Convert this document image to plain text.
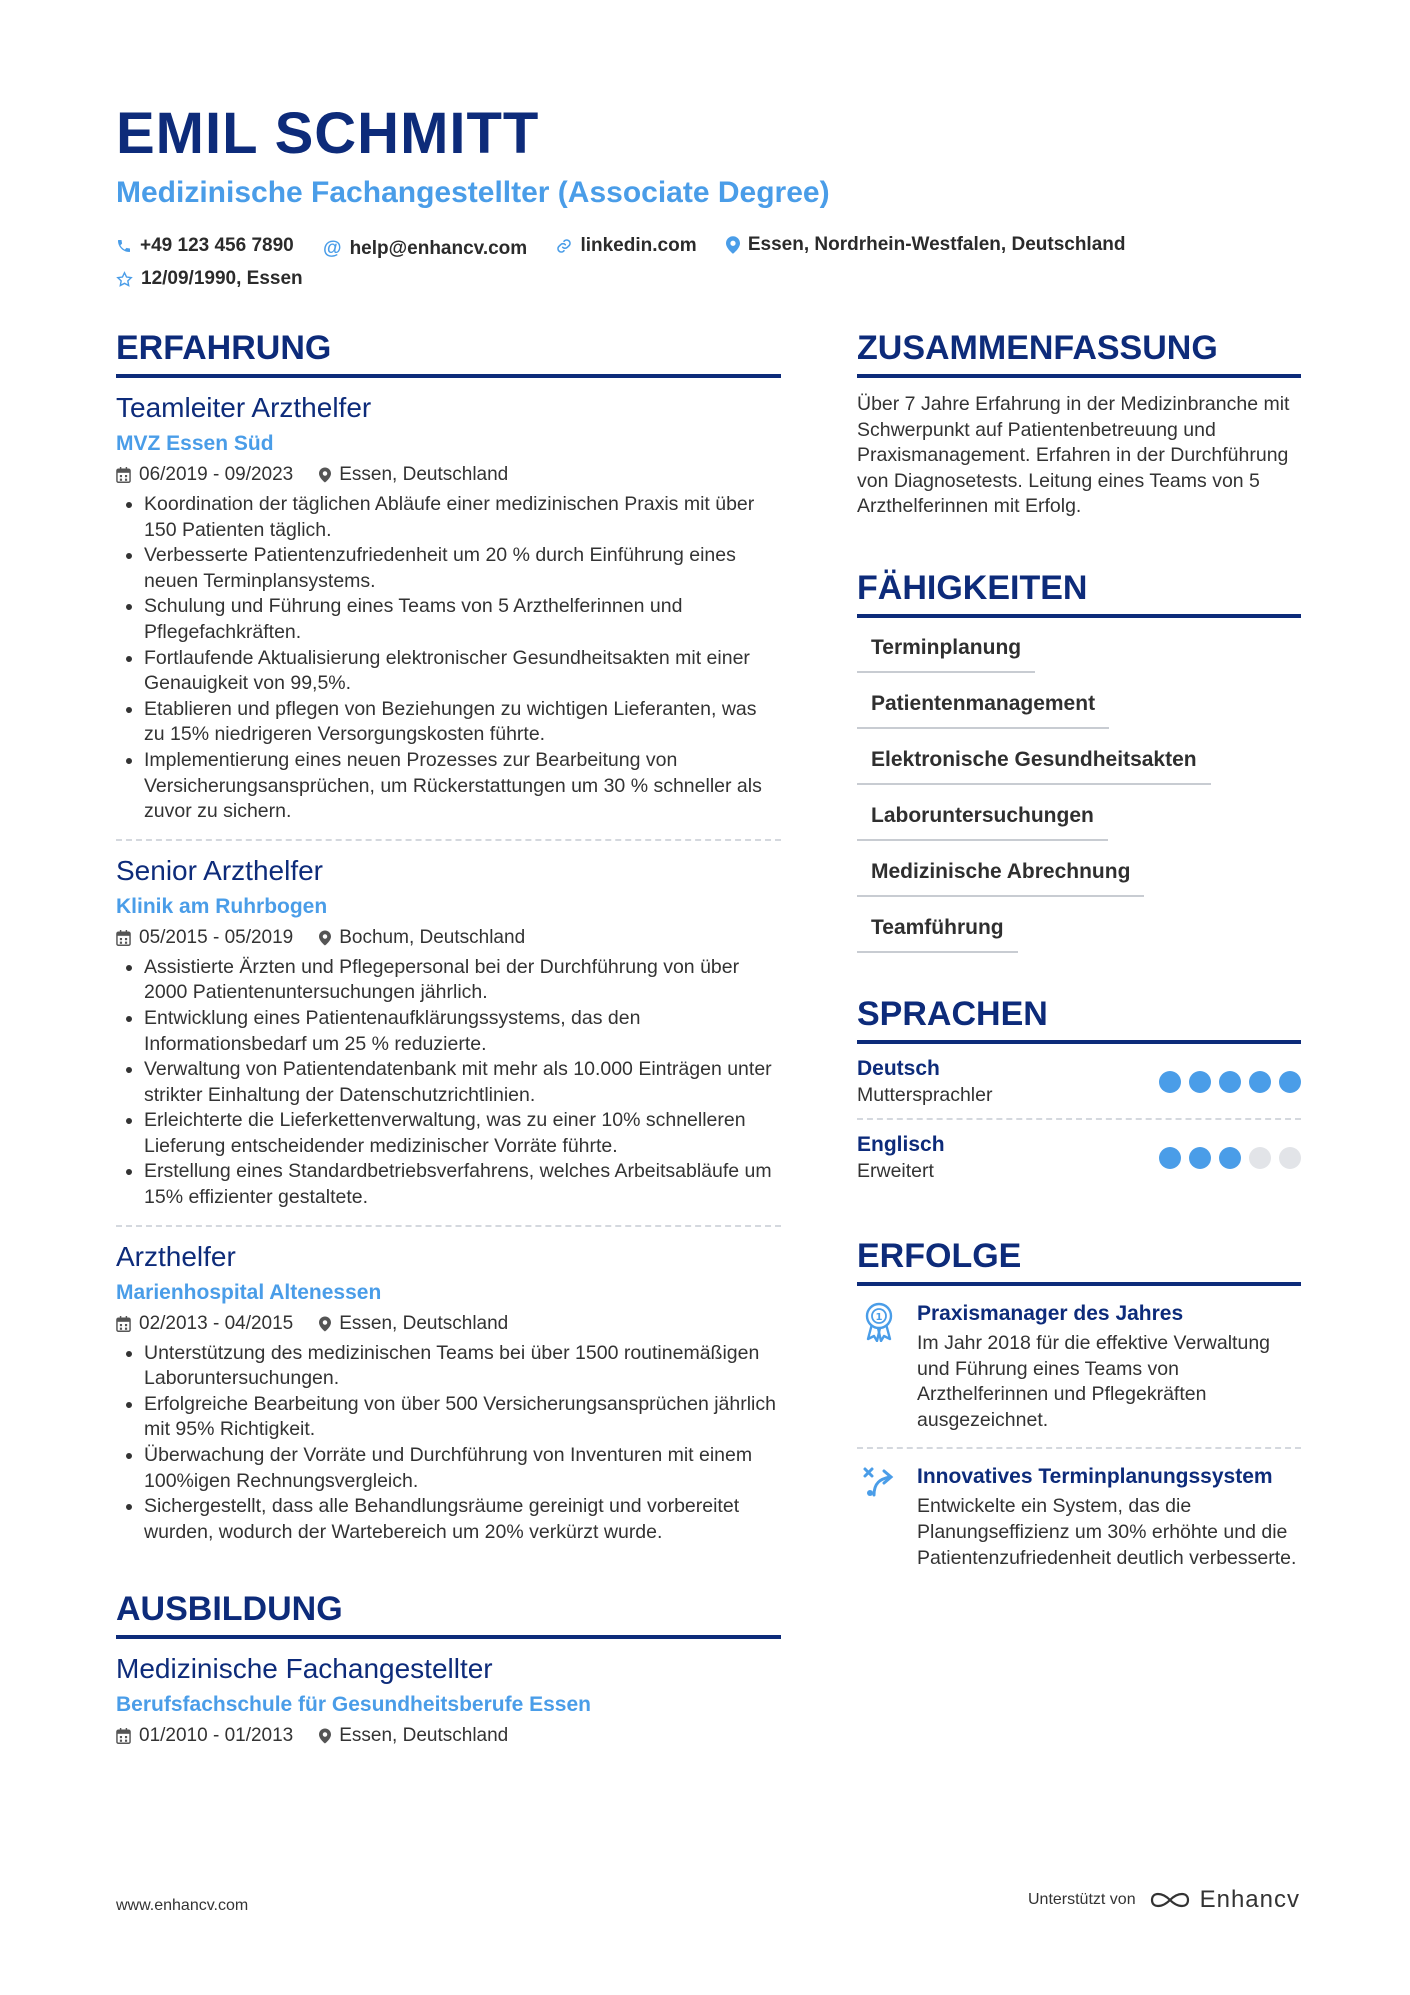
EMIL SCHMITT
Medizinische Fachangestellter (Associate Degree)
+49 123 456 7890
@ help@enhancv.com
	linkedin.com
	Essen, Nordrhein-Westfalen, Deutschland

12/09/1990, Essen
ERFAHRUNG
Teamleiter Arzthelfer
MVZ Essen Süd
06/2019 - 09/2023 Essen, Deutschland
• Koordination der täglichen Abläufe einer medizinischen Praxis mit über 150 Patienten täglich.
• Verbesserte Patientenzufriedenheit um 20 % durch Einführung eines neuen Terminplansystems.
• Schulung und Führung eines Teams von 5 Arzthelferinnen und Pflegefachkräften.
• Fortlaufende Aktualisierung elektronischer Gesundheitsakten mit einer Genauigkeit von 99,5%.
• Etablieren und pflegen von Beziehungen zu wichtigen Lieferanten, was zu 15% niedrigeren Versorgungskosten führte.
• Implementierung eines neuen Prozesses zur Bearbeitung von Versicherungsansprüchen, um Rückerstattungen um 30 % schneller als zuvor zu sichern.
Senior Arzthelfer
Klinik am Ruhrbogen
05/2015 - 05/2019 Bochum, Deutschland
• Assistierte Ärzten und Pflegepersonal bei der Durchführung von über 2000 Patientenuntersuchungen jährlich.
• Entwicklung eines Patientenaufklärungssystems, das den Informationsbedarf um 25 % reduzierte.
• Verwaltung von Patientendatenbank mit mehr als 10.000 Einträgen unter strikter Einhaltung der Datenschutzrichtlinien.
• Erleichterte die Lieferkettenverwaltung, was zu einer 10% schnelleren Lieferung entscheidender medizinischer Vorräte führte.
• Erstellung eines Standardbetriebsverfahrens, welches Arbeitsabläufe um 15% effizienter gestaltete.
Arzthelfer
Marienhospital Altenessen
02/2013 - 04/2015 Essen, Deutschland
• Unterstützung des medizinischen Teams bei über 1500 routinemäßigen Laboruntersuchungen.
• Erfolgreiche Bearbeitung von über 500 Versicherungsansprüchen jährlich mit 95% Richtigkeit.
• Überwachung der Vorräte und Durchführung von Inventuren mit einem 100%igen Rechnungsvergleich.
• Sichergestellt, dass alle Behandlungsräume gereinigt und vorbereitet wurden, wodurch der Wartebereich um 20% verkürzt wurde.
AUSBILDUNG
Medizinische Fachangestellter
Berufsfachschule für Gesundheitsberufe Essen
01/2010 - 01/2013 Essen, Deutschland
ZUSAMMENFASSUNG
Über 7 Jahre Erfahrung in der Medizinbranche mit Schwerpunkt auf Patientenbetreuung und Praxismanagement. Erfahren in der Durchführung von Diagnosetests. Leitung eines Teams von 5 Arzthelferinnen mit Erfolg.
FÄHIGKEITEN
Terminplanung
Patientenmanagement
Elektronische Gesundheitsakten
Laboruntersuchungen
Medizinische Abrechnung
Teamführung
SPRACHEN
Deutsch
Muttersprachler
Englisch
Erweitert
ERFOLGE
1 Praxismanager des Jahres
Im Jahr 2018 für die effektive Verwaltung und Führung eines Teams von Arzthelferinnen und Pflegekräften ausgezeichnet.
Innovatives Terminplanungssystem
Entwickelte ein System, das die Planungseffizienz um 30% erhöhte und die Patientenzufriedenheit deutlich verbesserte.
www.enhancv.com	Unterstützt von	Enhancv
